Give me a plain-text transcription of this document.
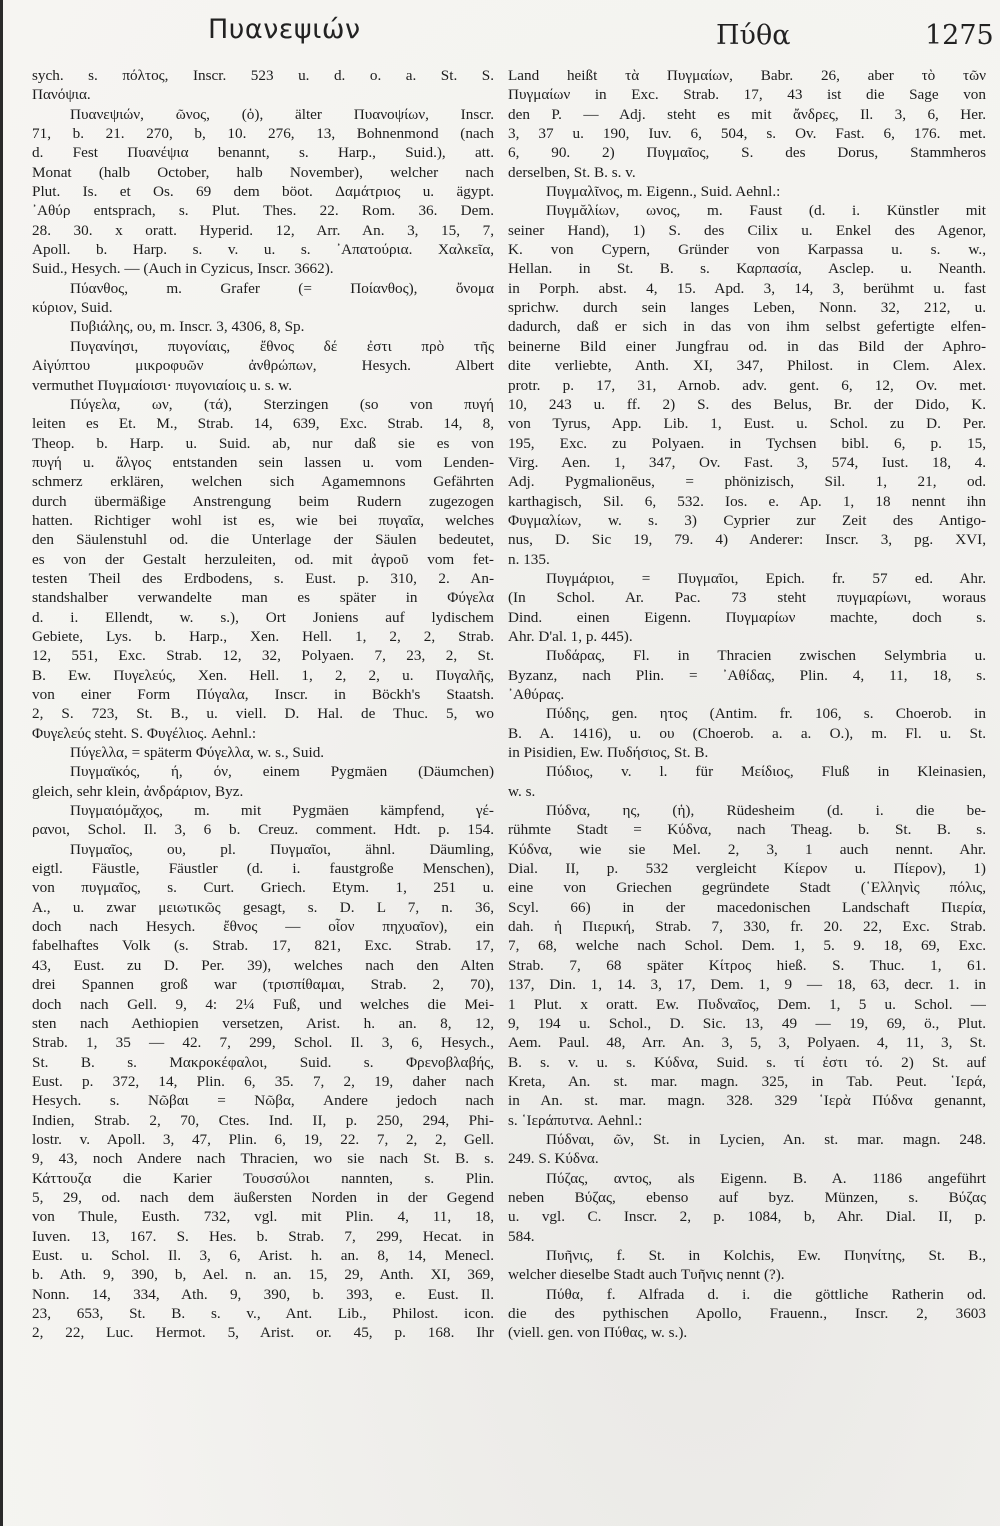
Πυανεψιών	Πύθα	1275
sych. s. πόλτος, Inscr. 523 u. d. o. a. St. S.
Πανόψια.
Πυανεψιών, ῶνος, (ὁ), älter Πυανοψίων, Inscr.
71, b. 21. 270, b, 10. 276, 13, Bohnenmond (nach
d. Fest Πυανέψια benannt, s. Harp., Suid.), att.
Monat (halb October, halb November), welcher nach
Plut. Is. et Os. 69 dem böot. Δαμάτριος u. ägypt.
᾿Αθύρ entsprach, s. Plut. Thes. 22. Rom. 36. Dem.
28. 30. x oratt. Hyperid. 12, Arr. An. 3, 15, 7,
Apoll. b. Harp. s. v. u. s. ᾿Απατούρια. Χαλκεῖα,
Suid., Hesych. — (Auch in Cyzicus, Inscr. 3662).
Πύανθος, m. Grafer (= Ποίανθος), ὄνομα
κύριον, Suid.
Πυβιάλης, ου, m. Inscr. 3, 4306, 8, Sp.
Πυγανίησι, πυγονίαις, ἔθνος δέ ἐστι πρὸ τῆς
Αἰγύπτου μικροφυῶν ἀνθρώπων, Hesych. Albert
vermuthet Πυγμαίοισι· πυγονιαίοις u. s. w.
Πύγελα, ων, (τά), Sterzingen (so von πυγή
leiten es Et. M., Strab. 14, 639, Exc. Strab. 14, 8,
Theop. b. Harp. u. Suid. ab, nur daß sie es von
πυγή u. ἄλγος entstanden sein lassen u. vom Lenden-
schmerz erklären, welchen sich Agamemnons Gefährten
durch übermäßige Anstrengung beim Rudern zugezogen
hatten. Richtiger wohl ist es, wie bei πυγαῖα, welches
den Säulenstuhl od. die Unterlage der Säulen bedeutet,
es von der Gestalt herzuleiten, od. mit ἀγροῦ vom fet-
testen Theil des Erdbodens, s. Eust. p. 310, 2. An-
standshalber verwandelte man es später in Φύγελα
d. i. Ellendt, w. s.), Ort Joniens auf lydischem
Gebiete, Lys. b. Harp., Xen. Hell. 1, 2, 2, Strab.
12, 551, Exc. Strab. 12, 32, Polyaen. 7, 23, 2, St.
B. Ew. Πυγελεύς, Xen. Hell. 1, 2, 2, u. Πυγαλῆς,
von einer Form Πύγαλα, Inscr. in Böckh's Staatsh.
2, S. 723, St. B., u. viell. D. Hal. de Thuc. 5, wo
Φυγελεύς steht. S. Φυγέλιος. Aehnl.:
Πύγελλα, = späterm Φύγελλα, w. s., Suid.
Πυγμαϊκός, ή, όν, einem Pygmäen (Däumchen)
gleich, sehr klein, ἀνδράριον, Byz.
Πυγμαιόμᾰχος, m. mit Pygmäen kämpfend, γέ-
ρανοι, Schol. Il. 3, 6 b. Creuz. comment. Hdt. p. 154.
Πυγμαῖος, ου, pl. Πυγμαῖοι, ähnl. Däumling,
eigtl. Fäustle, Fäustler (d. i. faustgroße Menschen),
von πυγμαῖος, s. Curt. Griech. Etym. 1, 251 u.
A., u. zwar μειωτικῶς gesagt, s. D. L 7, n. 36,
doch nach Hesych. ἔθνος — οἷον πηχυαῖον), ein
fabelhaftes Volk (s. Strab. 17, 821, Exc. Strab. 17,
43, Eust. zu D. Per. 39), welches nach den Alten
drei Spannen groß war (τρισπίθαμαι, Strab. 2, 70),
doch nach Gell. 9, 4: 2¼ Fuß, und welches die Mei-
sten nach Aethiopien versetzen, Arist. h. an. 8, 12,
Strab. 1, 35 — 42. 7, 299, Schol. Il. 3, 6, Hesych.,
St. B. s. Μακροκέφαλοι, Suid. s. Φρενοβλαβής,
Eust. p. 372, 14, Plin. 6, 35. 7, 2, 19, daher nach
Hesych. s. Νῶβαι = Νῶβα, Andere jedoch nach
Indien, Strab. 2, 70, Ctes. Ind. II, p. 250, 294, Phi-
lostr. v. Apoll. 3, 47, Plin. 6, 19, 22. 7, 2, 2, Gell.
9, 43, noch Andere nach Thracien, wo sie nach St. B. s.
Κάττουζα die Karier Τουσσύλοι nannten, s. Plin.
5, 29, od. nach dem äußersten Norden in der Gegend
von Thule, Eusth. 732, vgl. mit Plin. 4, 11, 18,
Iuven. 13, 167. S. Hes. b. Strab. 7, 299, Hecat. in
Eust. u. Schol. Il. 3, 6, Arist. h. an. 8, 14, Menecl.
b. Ath. 9, 390, b, Ael. n. an. 15, 29, Anth. XI, 369,
Nonn. 14, 334, Ath. 9, 390, b. 393, e. Eust. Il.
23, 653, St. B. s. v., Ant. Lib., Philost. icon.
2, 22, Luc. Hermot. 5, Arist. or. 45, p. 168. Ihr
Land heißt τὰ Πυγμαίων, Babr. 26, aber τὸ τῶν
Πυγμαίων in Exc. Strab. 17, 43 ist die Sage von
den P. — Adj. steht es mit ἄνδρες, Il. 3, 6, Her.
3, 37 u. 190, Iuv. 6, 504, s. Ov. Fast. 6, 176. met.
6, 90. 2) Πυγμαῖος, S. des Dorus, Stammheros
derselben, St. B. s. v.
Πυγμαλῖνος, m. Eigenn., Suid. Aehnl.:
Πυγμᾰλίων, ωνος, m. Faust (d. i. Künstler mit
seiner Hand), 1) S. des Cilix u. Enkel des Agenor,
K. von Cypern, Gründer von Karpassa u. s. w.,
Hellan. in St. B. s. Καρπασία, Asclep. u. Neanth.
in Porph. abst. 4, 15. Apd. 3, 14, 3, berühmt u. fast
sprichw. durch sein langes Leben, Nonn. 32, 212, u.
dadurch, daß er sich in das von ihm selbst gefertigte elfen-
beinerne Bild einer Jungfrau od. in das Bild der Aphro-
dite verliebte, Anth. XI, 347, Philost. in Clem. Alex.
protr. p. 17, 31, Arnob. adv. gent. 6, 12, Ov. met.
10, 243 u. ff. 2) S. des Belus, Br. der Dido, K.
von Tyrus, App. Lib. 1, Eust. u. Schol. zu D. Per.
195, Exc. zu Polyaen. in Tychsen bibl. 6, p. 15,
Virg. Aen. 1, 347, Ov. Fast. 3, 574, Iust. 18, 4.
Adj. Pygmalionēus, = phönizisch, Sil. 1, 21, od.
karthagisch, Sil. 6, 532. Ios. e. Ap. 1, 18 nennt ihn
Φυγμαλίων, w. s. 3) Cyprier zur Zeit des Antigo-
nus, D. Sic 19, 79. 4) Anderer: Inscr. 3, pg. XVI,
n. 135.
Πυγμάριοι, = Πυγμαῖοι, Epich. fr. 57 ed. Ahr.
(In Schol. Ar. Pac. 73 steht πυγμαρίωνι, woraus
Dind. einen Eigenn. Πυγμαρίων machte, doch s.
Ahr. D'al. 1, p. 445).
Πυδάρας, Fl. in Thracien zwischen Selymbria u.
Byzanz, nach Plin. = ᾿Αθίδας, Plin. 4, 11, 18, s.
᾿Αθύρας.
Πύδης, gen. ητος (Antim. fr. 106, s. Choerob. in
B. A. 1416), u. ου (Choerob. a. a. O.), m. Fl. u. St.
in Pisidien, Ew. Πυδήσιος, St. B.
Πύδιος, v. l. für Μείδιος, Fluß in Kleinasien,
w. s.
Πύδνα, ης, (ἡ), Rüdesheim (d. i. die be-
rühmte Stadt = Κύδνα, nach Theag. b. St. B. s.
Κύδνα, wie sie Mel. 2, 3, 1 auch nennt. Ahr.
Dial. II, p. 532 vergleicht Κίερον u. Πίερον), 1)
eine von Griechen gegründete Stadt (῾Ελληνὶς πόλις,
Scyl. 66) in der macedonischen Landschaft Πιερία,
dah. ἡ Πιερική, Strab. 7, 330, fr. 20. 22, Exc. Strab.
7, 68, welche nach Schol. Dem. 1, 5. 9. 18, 69, Exc.
Strab. 7, 68 später Κίτρος hieß. S. Thuc. 1, 61.
137, Din. 1, 14. 3, 17, Dem. 1, 9 — 18, 63, decr. 1. in
1 Plut. x oratt. Ew. Πυδναῖος, Dem. 1, 5 u. Schol. —
9, 194 u. Schol., D. Sic. 13, 49 — 19, 69, ö., Plut.
Aem. Paul. 48, Arr. An. 3, 5, 3, Polyaen. 4, 11, 3, St.
B. s. v. u. s. Κύδνα, Suid. s. τί ἐστι τό. 2) St. auf
Kreta, An. st. mar. magn. 325, in Tab. Peut. ῾Ιερά,
in An. st. mar. magn. 328. 329 ῾Ιερὰ Πύδνα genannt,
s. ῾Ιεράπυτνα. Aehnl.:
Πύδναι, ῶν, St. in Lycien, An. st. mar. magn. 248.
249. S. Κύδνα.
Πύζας, αντος, als Eigenn. B. A. 1186 angeführt
neben Βύζας, ebenso auf byz. Münzen, s. Βύζας
u. vgl. C. Inscr. 2, p. 1084, b, Ahr. Dial. II, p.
584.
Πυῆνις, f. St. in Kolchis, Ew. Πυηνίτης, St. B.,
welcher dieselbe Stadt auch Τυῆνις nennt (?).
Πύθα, f. Alfrada d. i. die göttliche Ratherin od.
die des pythischen Apollo, Frauenn., Inscr. 2, 3603
(viell. gen. von Πύθας, w. s.).
